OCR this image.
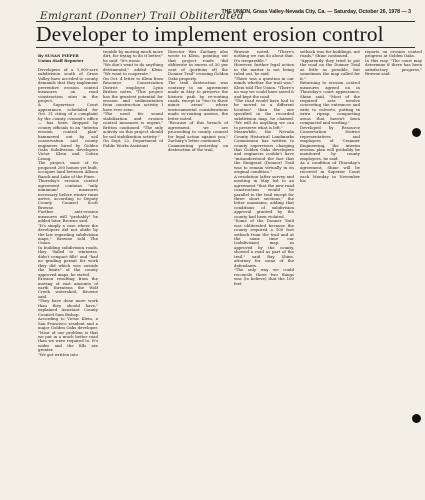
Emigrant (Donner) Trail Obliterated
THE UNION, Grass Valley-Nevada City, Ca. — Saturday, October 26, 1978 — 3
Developer to implement erosion control

By SUSAN PIEPER
Union Staff Reporter

Developers of a 1,000-acre subdivision south of Grass Valley have acceded to county demands that they implement preventive erosion control measures on road construction sites in the project.
A Supervisor Court appearance, scheduled for Oct. 31 citing of a complaint by the county counsel's office — has been dropped by county officials to an "interim erosion control plan" hammered out by soil conservation and county engineers hired by Golden Oaks Subdivision developers Victor Klein and Calvin Leong.
The project, most of its proposed 200 homes yet built, occupies land between Allison Ranch and Lake of the Pines.
Thursday's erosion control agreement contains "only minimum" measures necessary before winter rains arrive, according to Deputy County Counsel Scott Browne.
Further anti-erosion measures will "probably" be added later, Browne said.
"It's simply a case where the developers did not abide by the law regarding subdivision maps," Browne told The Union.
In building subdivision roads, they "failed to winterize, didn't compact fills" and "had no grading permit for work they did which was outside the limits" of the county approved maps, he stated.
Erosion resulting from the moving of vast amounts of earth threatens the Wolf Creek watershed, Browne said.
"They have done more work than they should have," explained Assistant County Counsel Sam Bishop.
According to Victor Klein, a San Francisco resident and a major Golden Oaks developer, "Most of our problem is that we put in a much better road than we were required to. It's wider and the fills are greater.
"We got written into

trouble by moving much more dirt, for trying to do it better," he said. "It's ironic.
"We don't want to do anything detrimental," added Klein. "We want to cooperate."
On Oct. 4 letter to Klein from Resource Conservation District employee Lynn Britton notes, "This project has the greatest potential for erosion and sedimentation from construction activity I have ever seen.
"The need for sound stabilization and erosion control measures is urgent," Britton continued. "The only activity on this project should be soil stabilization activity."
On Sept. 22, Department of Public Works Assistant
Director Wes Zachary also wrote to Klein, pointing out that project roads "did obliterate in excess of 30 per cent of (portions of) the Donner Trail" crossing Golden Oaks property.
The trail destruction was contrary to an agreement made in May to preserve the historic path by re-routing roads, except in "two to three minor areas" where environmental considerations made re-routing unwise, the letter noted.
"Because of this breach of agreement, we are proceeding to county counsel for legal action against you," Zachary's letter continued.
Commenting yesterday on destruction of the trail,
Browne noted, "There's nothing we can do about that. It's irreparable."
However, further legal action in the matter is not being ruled out, he said.
"There was a question in our minds whether the trail was," Klein told The Union. "There's no way we could have saved it and kept the road.
"The road would have had to be moved to a different location" than the one specified in the recorded subdivision map, he claimed. "We will do anything we can to preserve what is left."
Meanwhile, the Nevada County Historical Landmarks Commission has written to county supervisors charging that Golden Oaks developers and engineers couldn't have "misunderstood the fact that the Emigrant (Donner) Trail was to remain virtually in its original condition."
A resolution (after survey and meeting in May led to an agreement "that the new road construction would be parallel to the trail except for three short sections," the letter maintains, adding that conditions of subdivision approval granted by the county had been violated.
"Some of the Donner Trail was obliterated because the county required a 100 foot setback from the trail and at the same time our (subdivision) map, as approved by the county, showed a road as part of the trail," said Ray Shine, attorney for some of the defendants.
"The only way we could reconcile those two things was (to believe) that the 100 feet
setback was for buildings, not roads," Shine continued.
"Apparently they tried to put the road on the Donner Trail as little as possible, but sometimes the map called for it."
Returning to erosion control measures agreed on in Thursday's court appearance, Shine said, "Most of the required acts involve concreting the entrances and exits to culverts, putting in extra riprap, compacting areas that haven't been compacted and seeding."
Developed by Resource Conservation District representatives and employees of Cranmer Engineering, the interim erosion plan will probably be monitored by county employees, he said.
As a condition of Thursday's agreement, Shine will be received in Superior Court each Monday in November his
reports on erosion control progress at Golden Oaks.
In this way, "The court may determine if there has been satisfactory progress," Browne said.
